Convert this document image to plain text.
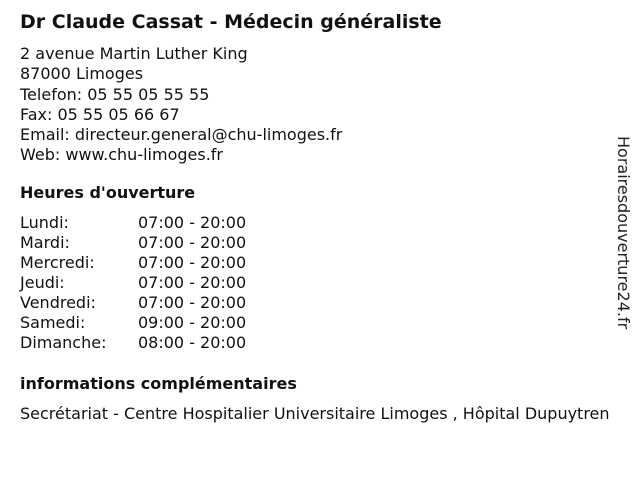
Dr Claude Cassat - Médecin généraliste
2 avenue Martin Luther King
87000 Limoges
Telefon: 05 55 05 55 55
Fax: 05 55 05 66 67
Email: directeur.general@chu-limoges.fr
Web: www.chu-limoges.fr
Heures d'ouverture
Lundi:	07:00 - 20:00
Mardi:	07:00 - 20:00
Mercredi:	07:00 - 20:00
Jeudi:	07:00 - 20:00
Vendredi:	07:00 - 20:00
Samedi:	09:00 - 20:00
Dimanche:	08:00 - 20:00
informations complémentaires
Secrétariat - Centre Hospitalier Universitaire Limoges , Hôpital Dupuytren
Horairesdouverture24.fr
